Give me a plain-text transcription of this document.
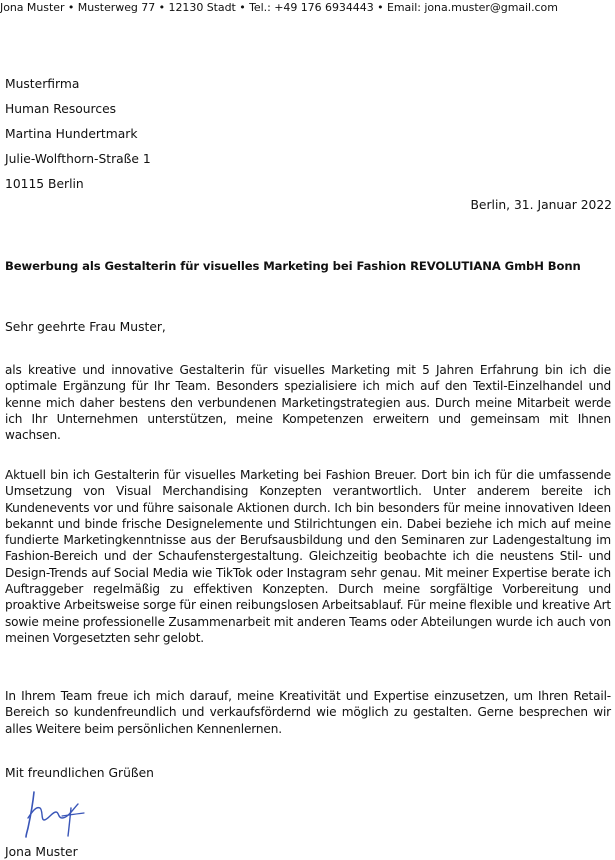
Jona Muster • Musterweg 77 • 12130 Stadt • Tel.: +49 176 6934443 • Email: jona.muster@gmail.com
Musterfirma
Human Resources
Martina Hundertmark
Julie-Wolfthorn-Straße 1
10115 Berlin
Berlin, 31. Januar 2022
Bewerbung als Gestalterin für visuelles Marketing bei Fashion REVOLUTIANA GmbH Bonn
Sehr geehrte Frau Muster,
als kreative und innovative Gestalterin für visuelles Marketing mit 5 Jahren Erfahrung bin ich die optimale Ergänzung für Ihr Team. Besonders spezialisiere ich mich auf den Textil-Einzelhandel und kenne mich daher bestens den verbundenen Marketingstrategien aus. Durch meine Mitarbeit werde ich Ihr Unternehmen unterstützen, meine Kompetenzen erweitern und gemeinsam mit Ihnen wachsen.
Aktuell bin ich Gestalterin für visuelles Marketing bei Fashion Breuer. Dort bin ich für die umfassende Umsetzung von Visual Merchandising Konzepten verantwortlich. Unter anderem bereite ich Kundenevents vor und führe saisonale Aktionen durch. Ich bin besonders für meine innovativen Ideen bekannt und binde frische Designelemente und Stilrichtungen ein. Dabei beziehe ich mich auf meine fundierte Marketingkenntnisse aus der Berufsausbildung und den Seminaren zur Ladengestaltung im Fashion-Bereich und der Schaufenstergestaltung. Gleichzeitig beobachte ich die neustens Stil- und Design-Trends auf Social Media wie TikTok oder Instagram sehr genau. Mit meiner Expertise berate ich Auftraggeber regelmäßig zu effektiven Konzepten. Durch meine sorgfältige Vorbereitung und proaktive Arbeitsweise sorge für einen reibungslosen Arbeitsablauf. Für meine flexible und kreative Art sowie meine professionelle Zusammenarbeit mit anderen Teams oder Abteilungen wurde ich auch von meinen Vorgesetzten sehr gelobt.
In Ihrem Team freue ich mich darauf, meine Kreativität und Expertise einzusetzen, um Ihren Retail-Bereich so kundenfreundlich und verkaufsfördernd wie möglich zu gestalten. Gerne besprechen wir alles Weitere beim persönlichen Kennenlernen.
Mit freundlichen Grüßen
Jona Muster
